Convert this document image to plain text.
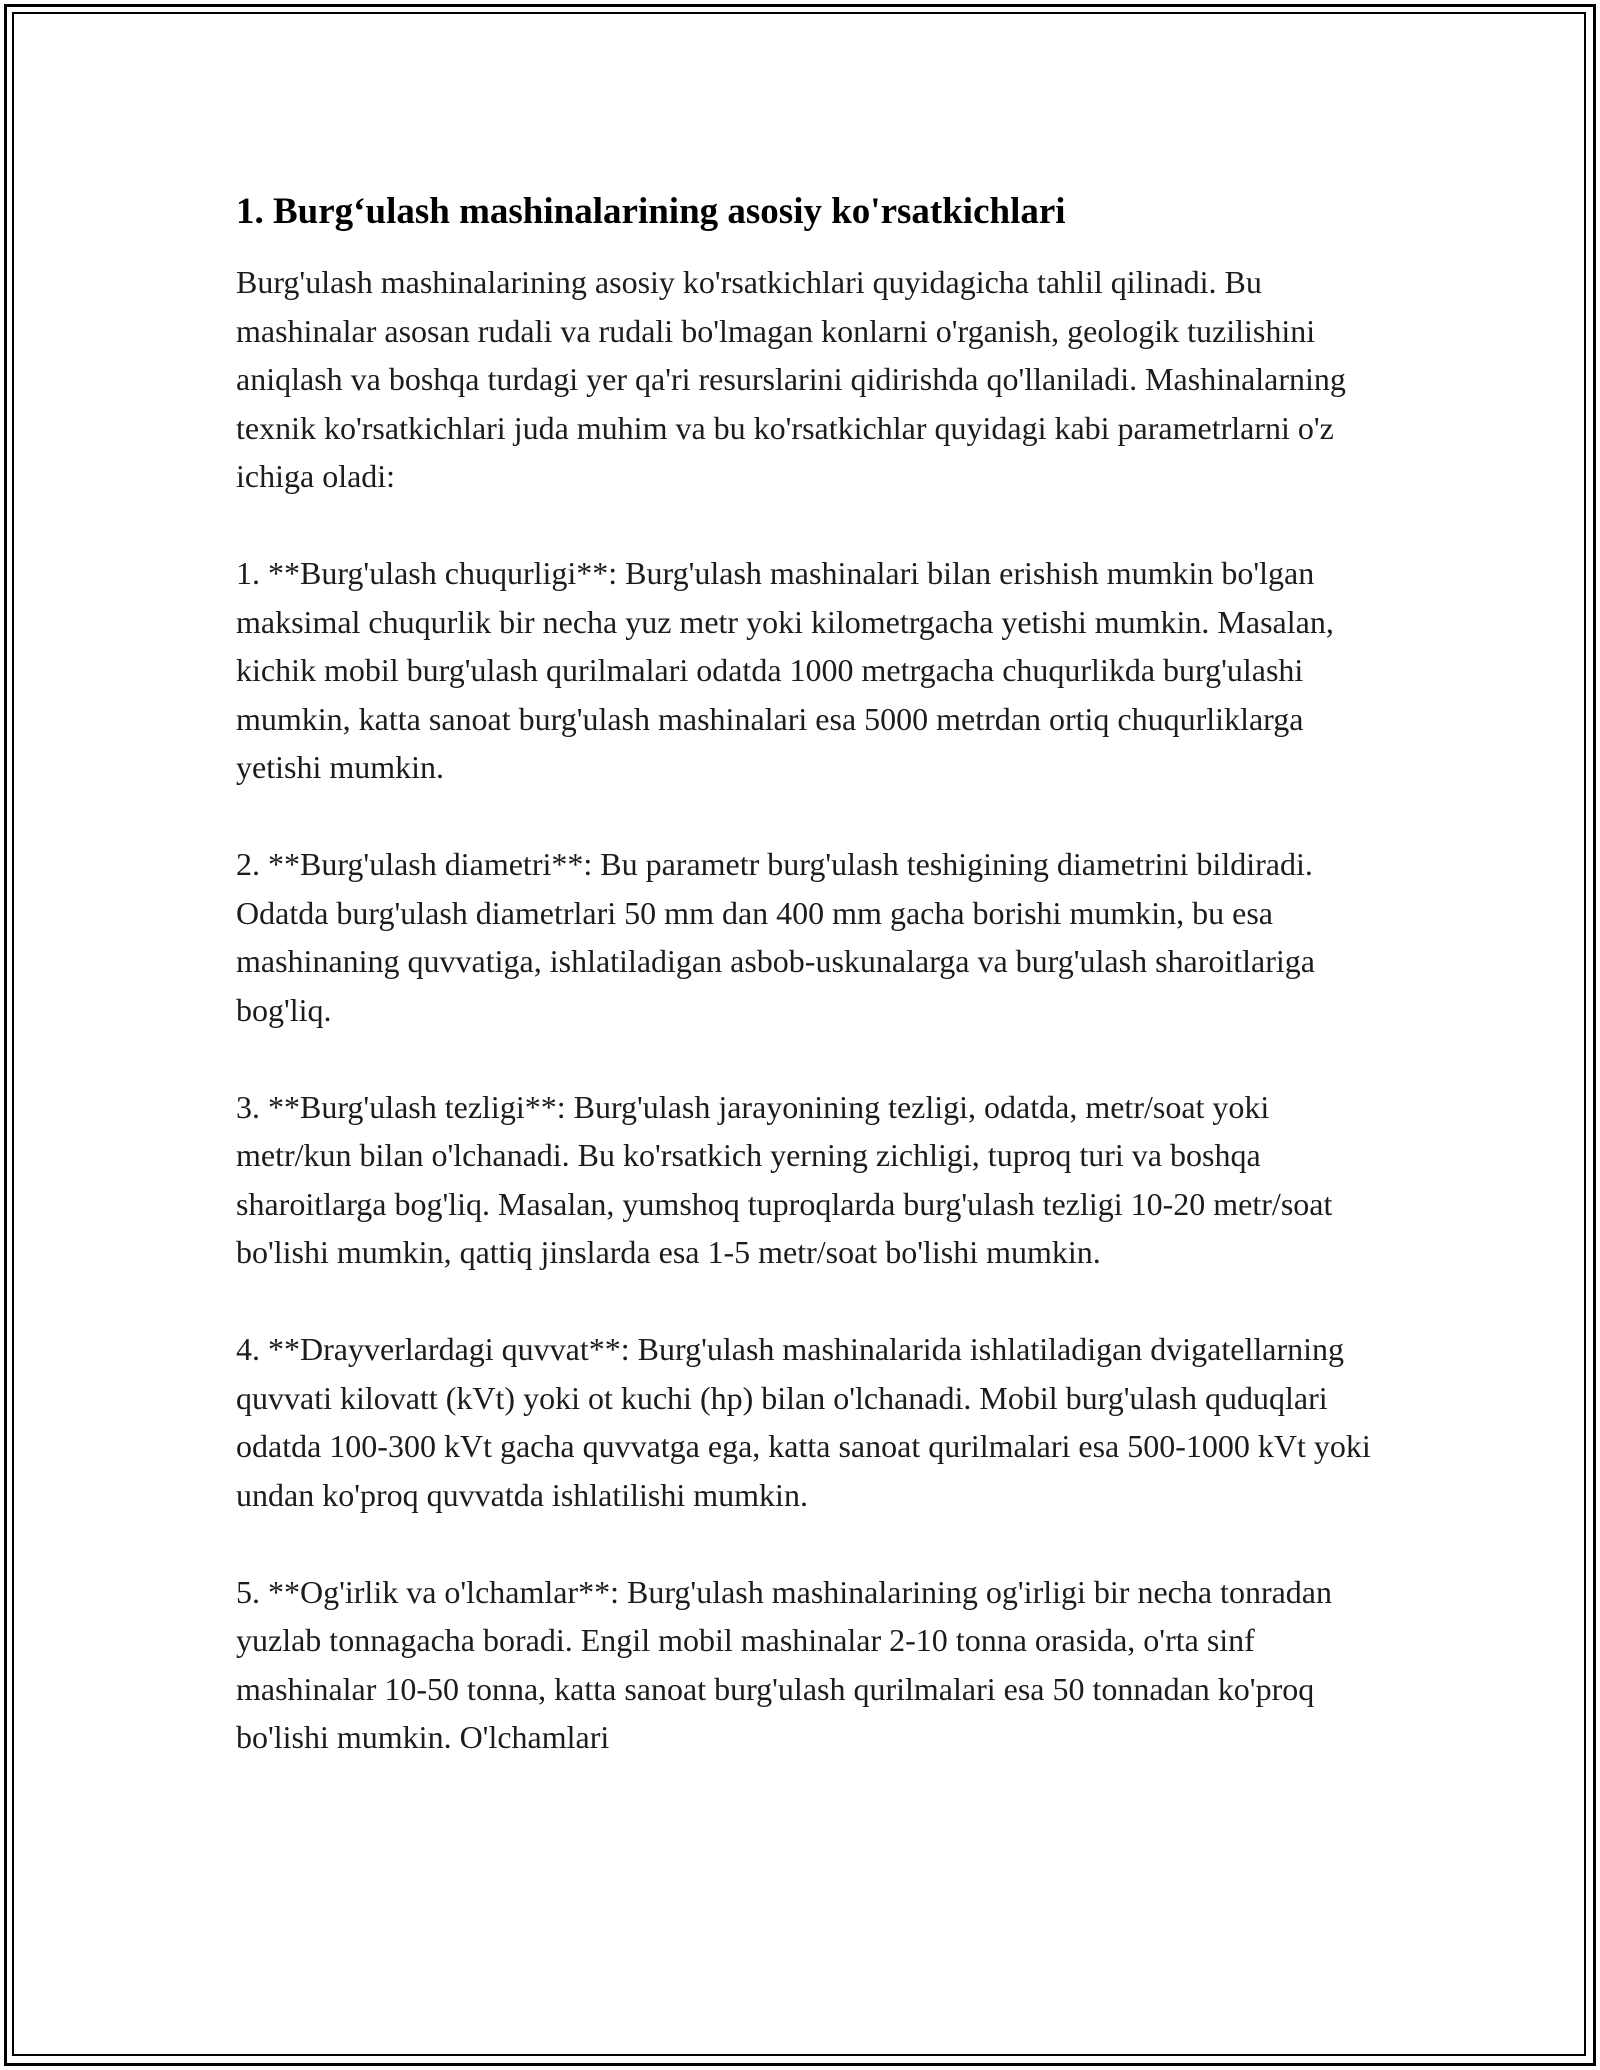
1. Burg‘ulash mashinalarining asosiy ko'rsatkichlari

Burg'ulash mashinalarining asosiy ko'rsatkichlari quyidagicha tahlil qilinadi. Bu mashinalar asosan rudali va rudali bo'lmagan konlarni o'rganish, geologik tuzilishini aniqlash va boshqa turdagi yer qa'ri resurslarini qidirishda qo'llaniladi. Mashinalarning texnik ko'rsatkichlari juda muhim va bu ko'rsatkichlar quyidagi kabi parametrlarni o'z ichiga oladi:

1. **Burg'ulash chuqurligi**: Burg'ulash mashinalari bilan erishish mumkin bo'lgan maksimal chuqurlik bir necha yuz metr yoki kilometrgacha yetishi mumkin. Masalan, kichik mobil burg'ulash qurilmalari odatda 1000 metrgacha chuqurlikda burg'ulashi mumkin, katta sanoat burg'ulash mashinalari esa 5000 metrdan ortiq chuqurliklarga yetishi mumkin.

2. **Burg'ulash diametri**: Bu parametr burg'ulash teshigining diametrini bildiradi. Odatda burg'ulash diametrlari 50 mm dan 400 mm gacha borishi mumkin, bu esa mashinaning quvvatiga, ishlatiladigan asbob-uskunalarga va burg'ulash sharoitlariga bog'liq.

3. **Burg'ulash tezligi**: Burg'ulash jarayonining tezligi, odatda, metr/soat yoki metr/kun bilan o'lchanadi. Bu ko'rsatkich yerning zichligi, tuproq turi va boshqa sharoitlarga bog'liq. Masalan, yumshoq tuproqlarda burg'ulash tezligi 10-20 metr/soat bo'lishi mumkin, qattiq jinslarda esa 1-5 metr/soat bo'lishi mumkin.

4. **Drayverlardagi quvvat**: Burg'ulash mashinalarida ishlatiladigan dvigatellarning quvvati kilovatt (kVt) yoki ot kuchi (hp) bilan o'lchanadi. Mobil burg'ulash quduqlari odatda 100-300 kVt gacha quvvatga ega, katta sanoat qurilmalari esa 500-1000 kVt yoki undan ko'proq quvvatda ishlatilishi mumkin.

5. **Og'irlik va o'lchamlar**: Burg'ulash mashinalarining og'irligi bir necha tonradan yuzlab tonnagacha boradi. Engil mobil mashinalar 2-10 tonna orasida, o'rta sinf mashinalar 10-50 tonna, katta sanoat burg'ulash qurilmalari esa 50 tonnadan ko'proq bo'lishi mumkin. O'lchamlari
